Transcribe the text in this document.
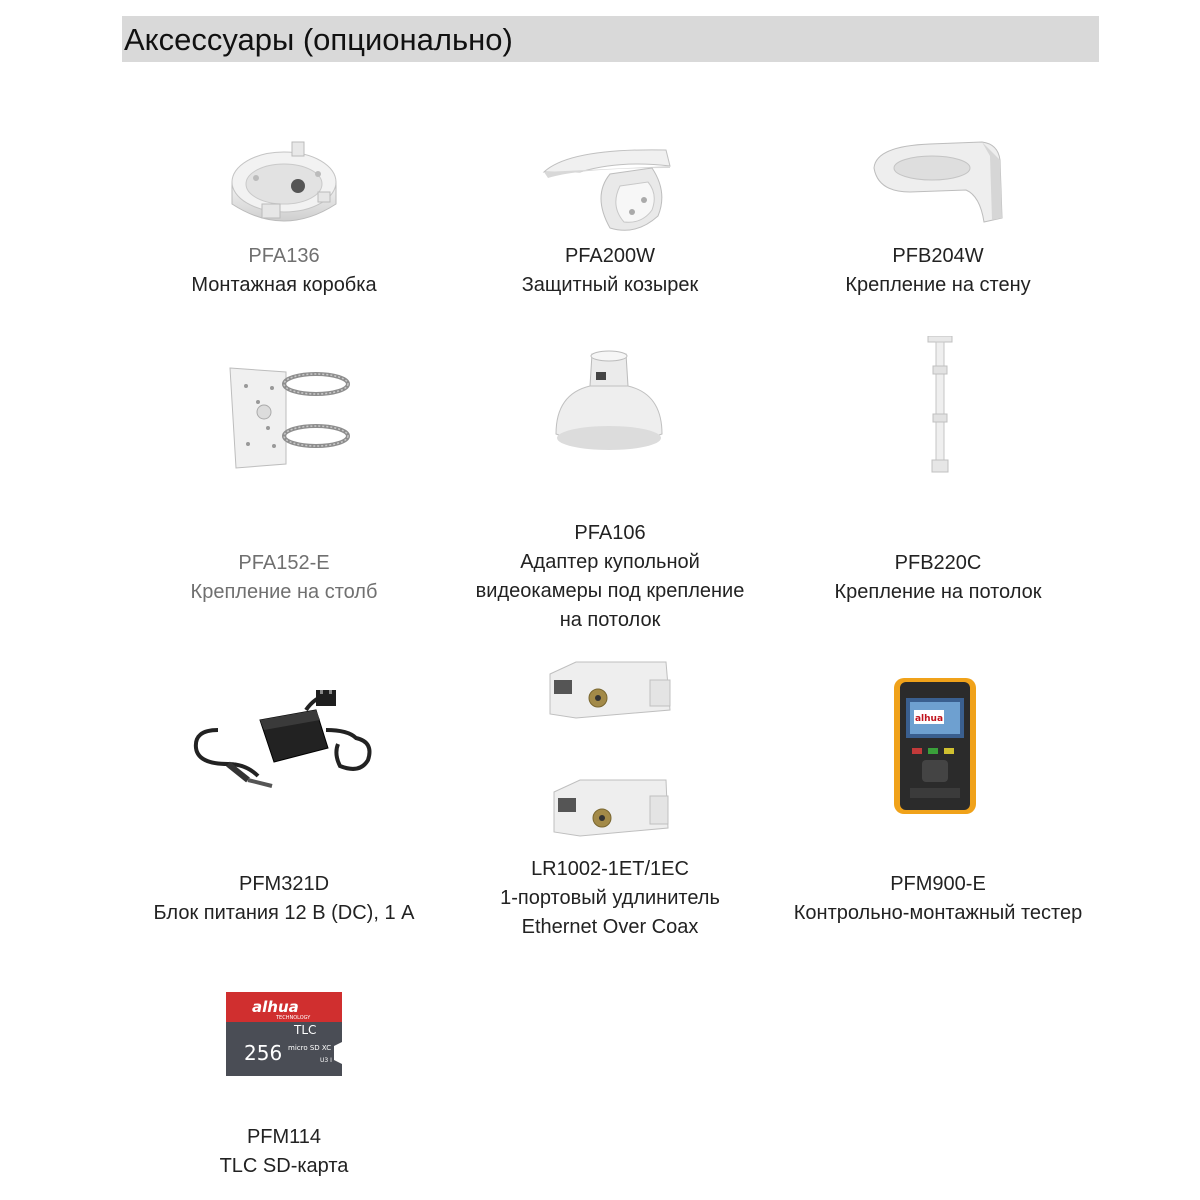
Аксессуары (опционально)
PFA136
Монтажная коробка
PFA200W
Защитный козырек
PFB204W
Крепление на стену
PFA152-E
Крепление на столб
PFA106
Адаптер купольной
видеокамеры под крепление
на потолок
PFB220C
Крепление на потолок
PFM321D
Блок питания 12 В (DC), 1 А
LR1002-1ET/1EC
1-портовый удлинитель
Ethernet Over Coax
alhua
PFM900-E
Контрольно-монтажный тестер
alhua
TECHNOLOGY
TLC
256 micro SD XC
U3 I
PFM114
TLC SD-карта
